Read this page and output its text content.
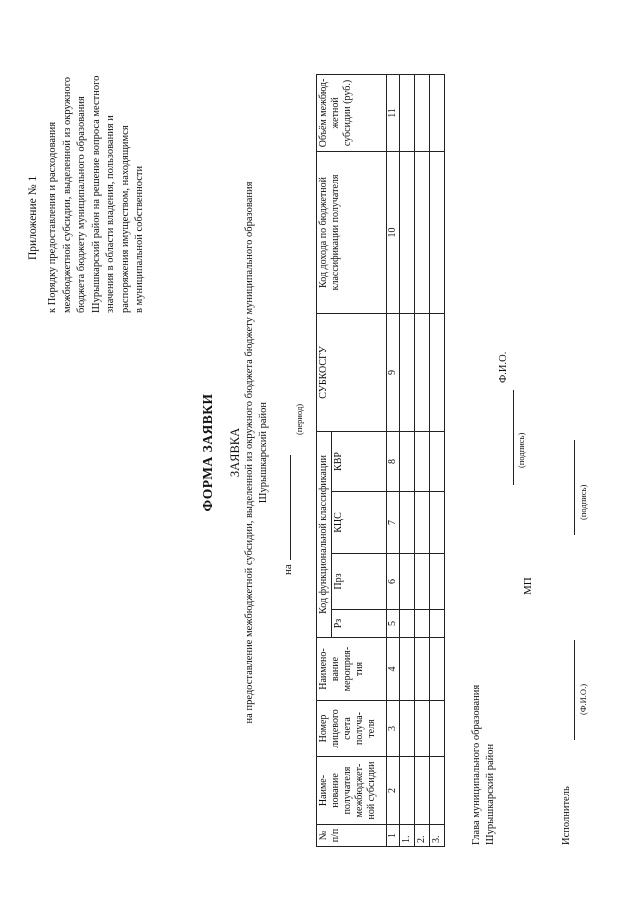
Приложение № 1 к Порядку предоставления и расходования межбюджетной субсидии, выделенной из окружного бюджета бюджету муниципального образования Шурышкарский район на решение вопроса местного значения в области владения, пользования и распоряжения имуществом, находящимся в муниципальной собственности
ФОРМА ЗАЯВКИ ЗАЯВКА на предоставление межбюджетной субсидии, выделенной из окружного бюджета бюджету муниципального образования Шурышкарский район
на
(период)
№ п/п	Наиме-нование получателя межбюджет-ной субсидии	Номер лицевого счета получа-теля	Наимено-вание мероприя-тия	Код функциональной классификации				СУБКОСГУ	Код дохода по бюджетной классификации получателя	Объём межбюд-жетной субсидии (руб.)
				Рз	Прз	КЦС	КВР			
1	2	3	4	5	6	7	8	9	10	11
1.										
2.										
3.											Глава муниципального образования Шурышкарский район
(подпись)
Ф.И.О.
МП
Исполнитель
(Ф.И.О.)
(подпись)
